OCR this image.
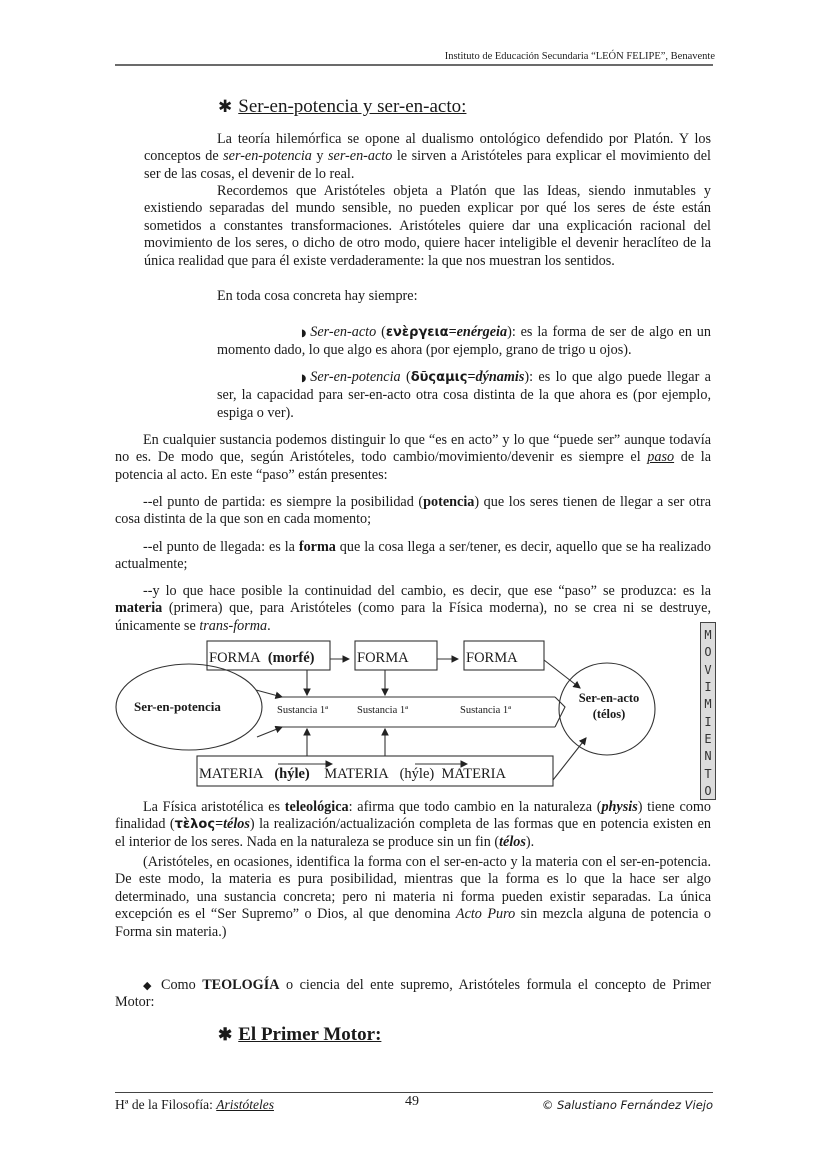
Instituto de Educación Secundaria “LEÓN FELIPE”, Benavente
✱ Ser-en-potencia y ser-en-acto:
La teoría hilemórfica se opone al dualismo ontológico defendido por Platón. Y los conceptos de ser-en-potencia y ser-en-acto le sirven a Aristóteles para explicar el movimiento del ser de las cosas, el devenir de lo real.
Recordemos que Aristóteles objeta a Platón que las Ideas, siendo inmutables y existiendo separadas del mundo sensible, no pueden explicar por qué los seres de éste están sometidos a constantes transformaciones. Aristóteles quiere dar una explicación racional del movimiento de los seres, o dicho de otro modo, quiere hacer inteligible el devenir heraclíteo de la única realidad que para él existe verdaderamente: la que nos muestran los sentidos.
En toda cosa concreta hay siempre:
◗ Ser-en-acto (ενὲργεια=enérgeia): es la forma de ser de algo en un momento dado, lo que algo es ahora (por ejemplo, grano de trigo u ojos).
◗ Ser-en-potencia (δῦςαμις=dýnamis): es lo que algo puede llegar a ser, la capacidad para ser-en-acto otra cosa distinta de la que ahora es (por ejemplo, espiga o ver).
En cualquier sustancia podemos distinguir lo que “es en acto” y lo que “puede ser” aunque todavía no es. De modo que, según Aristóteles, todo cambio/movimiento/devenir es siempre el paso de la potencia al acto. En este “paso” están presentes:
--el punto de partida: es siempre la posibilidad (potencia) que los seres tienen de llegar a ser otra cosa distinta de la que son en cada momento;
--el punto de llegada: es la forma que la cosa llega a ser/tener, es decir, aquello que se ha realizado actualmente;
--y lo que hace posible la continuidad del cambio, es decir, que ese “paso” se produzca: es la materia (primera) que, para Aristóteles (como para la Física moderna), no se crea ni se destruye, únicamente se trans-forma.
FORMA (morfé)	FORMA	FORMA
Ser-en-potencia	Sustancia 1ª	Sustancia 1ª	Sustancia 1ª
Ser-en-acto
(télos)
MATERIA (hýle) MATERIA (hýle) MATERIA
M
O
V
I
M
I
E
N
T
O
La Física aristotélica es teleológica: afirma que todo cambio en la naturaleza (physis) tiene como finalidad (τὲλος=télos) la realización/actualización completa de las formas que en potencia existen en el interior de los seres. Nada en la naturaleza se produce sin un fin (télos).
(Aristóteles, en ocasiones, identifica la forma con el ser-en-acto y la materia con el ser-en-potencia. De este modo, la materia es pura posibilidad, mientras que la forma es lo que la hace ser algo determinado, una sustancia concreta; pero ni materia ni forma pueden existir separadas. La única excepción es el “Ser Supremo” o Dios, al que denomina Acto Puro sin mezcla alguna de potencia o Forma sin materia.)
◆ Como TEOLOGÍA o ciencia del ente supremo, Aristóteles formula el concepto de Primer Motor:
✱ El Primer Motor:
Hª de la Filosofía: Aristóteles	49	© Salustiano Fernández Viejo
